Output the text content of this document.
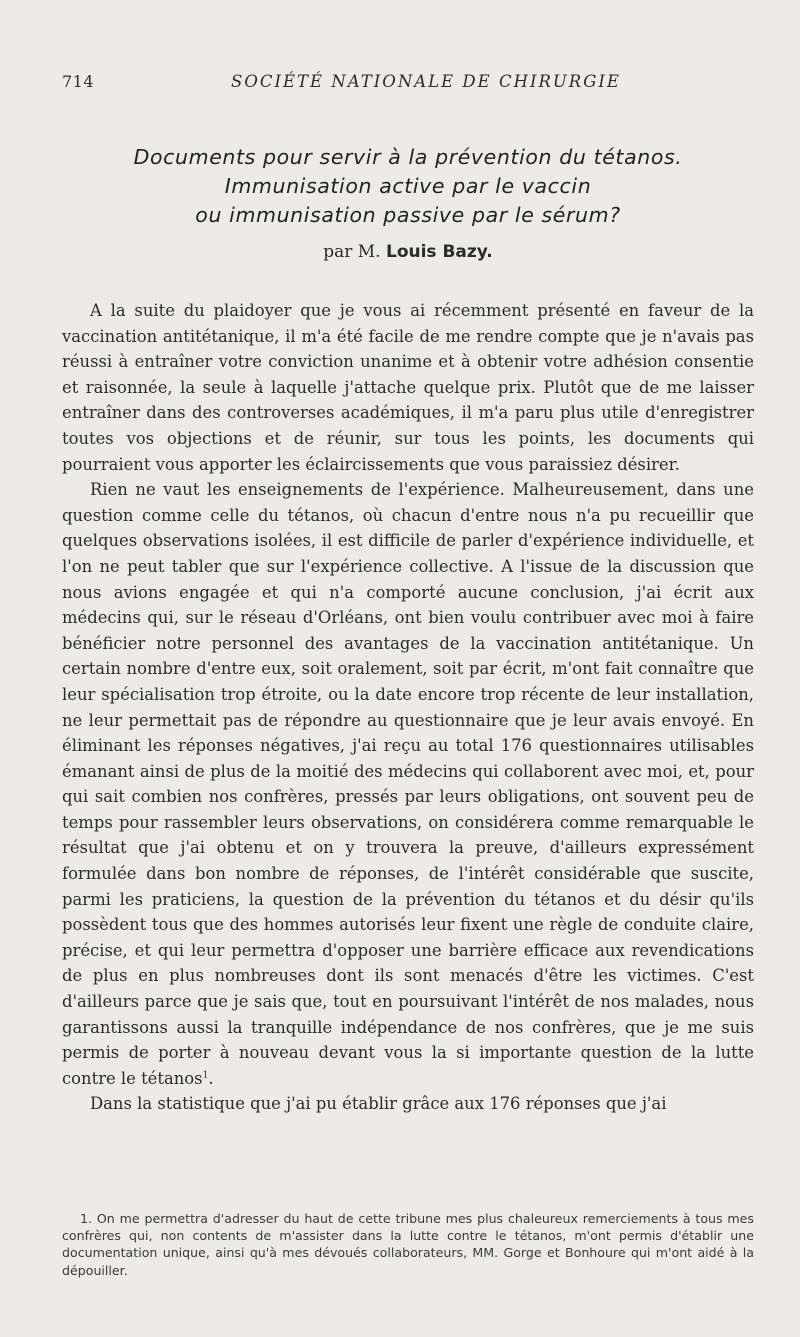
714	SOCIÉTÉ NATIONALE DE CHIRURGIE
Documents pour servir à la prévention du tétanos.
Immunisation active par le vaccin
ou immunisation passive par le sérum?
par M. Louis Bazy.

A la suite du plaidoyer que je vous ai récemment présenté en faveur de la vaccination antitétanique, il m'a été facile de me rendre compte que je n'avais pas réussi à entraîner votre conviction unanime et à obtenir votre adhésion consentie et raisonnée, la seule à laquelle j'attache quelque prix. Plutôt que de me laisser entraîner dans des controverses académiques, il m'a paru plus utile d'enregistrer toutes vos objections et de réunir, sur tous les points, les documents qui pourraient vous apporter les éclaircissements que vous paraissiez désirer.

Rien ne vaut les enseignements de l'expérience. Malheureusement, dans une question comme celle du tétanos, où chacun d'entre nous n'a pu recueillir que quelques observations isolées, il est difficile de parler d'expérience individuelle, et l'on ne peut tabler que sur l'expérience collective. A l'issue de la discussion que nous avions engagée et qui n'a comporté aucune conclusion, j'ai écrit aux médecins qui, sur le réseau d'Orléans, ont bien voulu contribuer avec moi à faire bénéficier notre personnel des avantages de la vaccination antitétanique. Un certain nombre d'entre eux, soit oralement, soit par écrit, m'ont fait connaître que leur spécialisation trop étroite, ou la date encore trop récente de leur installation, ne leur permettait pas de répondre au questionnaire que je leur avais envoyé. En éliminant les réponses négatives, j'ai reçu au total 176 questionnaires utilisables émanant ainsi de plus de la moitié des médecins qui collaborent avec moi, et, pour qui sait combien nos confrères, pressés par leurs obligations, ont souvent peu de temps pour rassembler leurs observations, on considérera comme remarquable le résultat que j'ai obtenu et on y trouvera la preuve, d'ailleurs expressément formulée dans bon nombre de réponses, de l'intérêt considérable que suscite, parmi les praticiens, la question de la prévention du tétanos et du désir qu'ils possèdent tous que des hommes autorisés leur fixent une règle de conduite claire, précise, et qui leur permettra d'opposer une barrière efficace aux revendications de plus en plus nombreuses dont ils sont menacés d'être les victimes. C'est d'ailleurs parce que je sais que, tout en poursuivant l'intérêt de nos malades, nous garantissons aussi la tranquille indépendance de nos confrères, que je me suis permis de porter à nouveau devant vous la si importante question de la lutte contre le tétanos$^1$.

Dans la statistique que j'ai pu établir grâce aux 176 réponses que j'ai

1. On me permettra d'adresser du haut de cette tribune mes plus chaleureux remerciements à tous mes confrères qui, non contents de m'assister dans la lutte contre le tétanos, m'ont permis d'établir une documentation unique, ainsi qu'à mes dévoués collaborateurs, MM. Gorge et Bonhoure qui m'ont aidé à la dépouiller.
